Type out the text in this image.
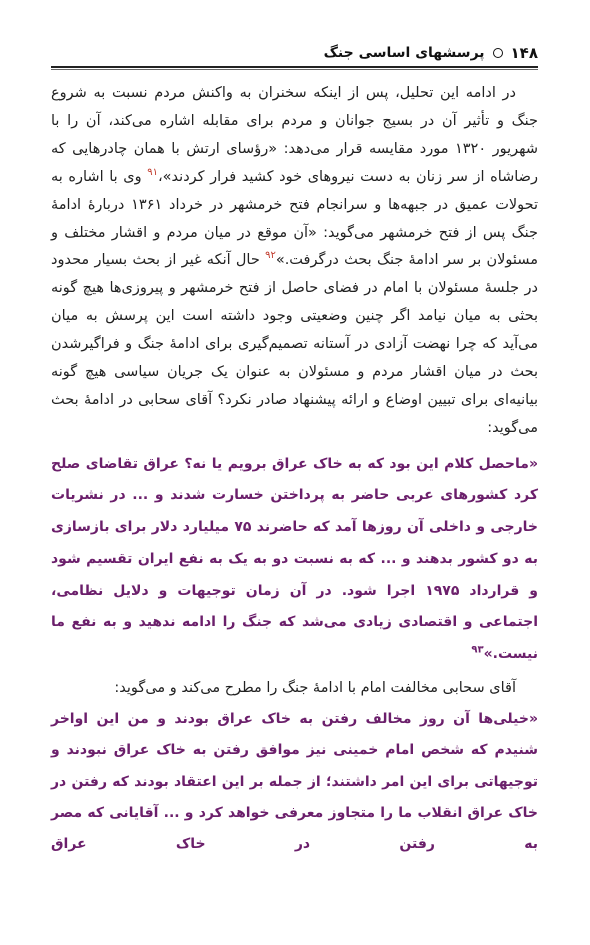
۱۴۸
پرسشهای اساسی جنگ

در ادامه این تحلیل، پس از اینکه سخنران به واکنش مردم نسبت به شروع جنگ و تأثیر آن در بسیج جوانان و مردم برای مقابله اشاره می‌کند، آن را با شهریور ۱۳۲۰ مورد مقایسه قرار می‌دهد: «رؤسای ارتش با همان چادرهایی که رضاشاه از سر زنان به دست نیروهای خود کشید فرار کردند»،$^{۹۱}$ وی با اشاره به تحولات عمیق در جبهه‌ها و سرانجام فتح خرمشهر در خرداد ۱۳۶۱ دربارهٔ ادامهٔ جنگ پس از فتح خرمشهر می‌گوید: «آن موقع در میان مردم و اقشار مختلف و مسئولان بر سر ادامهٔ جنگ بحث درگرفت.»$^{۹۲}$ حال آنکه غیر از بحث بسیار محدود در جلسهٔ مسئولان با امام در فضای حاصل از فتح خرمشهر و پیروزی‌ها هیچ گونه بحثی به میان نیامد اگر چنین وضعیتی وجود داشته است این پرسش به میان می‌آید که چرا نهضت آزادی در آستانه تصمیم‌گیری برای ادامهٔ جنگ و فراگیرشدن بحث در میان اقشار مردم و مسئولان به عنوان یک جریان سیاسی هیچ گونه بیانیه‌ای برای تبیین اوضاع و ارائه پیشنهاد صادر نکرد؟ آقای سحابی در ادامهٔ بحث می‌گوید:

«ماحصل کلام این بود که به خاک عراق برویم یا نه؟ عراق تقاضای صلح کرد کشورهای عربی حاضر به پرداختن خسارت شدند و ... در نشریات خارجی و داخلی آن روزها آمد که حاضرند ۷۵ میلیارد دلار برای بازسازی به دو کشور بدهند و ... که به نسبت دو به یک به نفع ایران تقسیم شود و قرارداد ۱۹۷۵ اجرا شود. در آن زمان توجیهات و دلایل نظامی، اجتماعی و اقتصادی زیادی می‌شد که جنگ را ادامه ندهید و به نفع ما نیست.»$^{۹۳}$

آقای سحابی مخالفت امام با ادامهٔ جنگ را مطرح می‌کند و می‌گوید:

«خیلی‌ها آن روز مخالف رفتن به خاک عراق بودند و من این اواخر شنیدم که شخص امام خمینی نیز موافق رفتن به خاک عراق نبودند و توجیهاتی برای این امر داشتند؛ از جمله بر این اعتقاد بودند که رفتن در خاک عراق انقلاب ما را متجاوز معرفی خواهد کرد و ... آقایانی که مصر به رفتن در خاک عراق
